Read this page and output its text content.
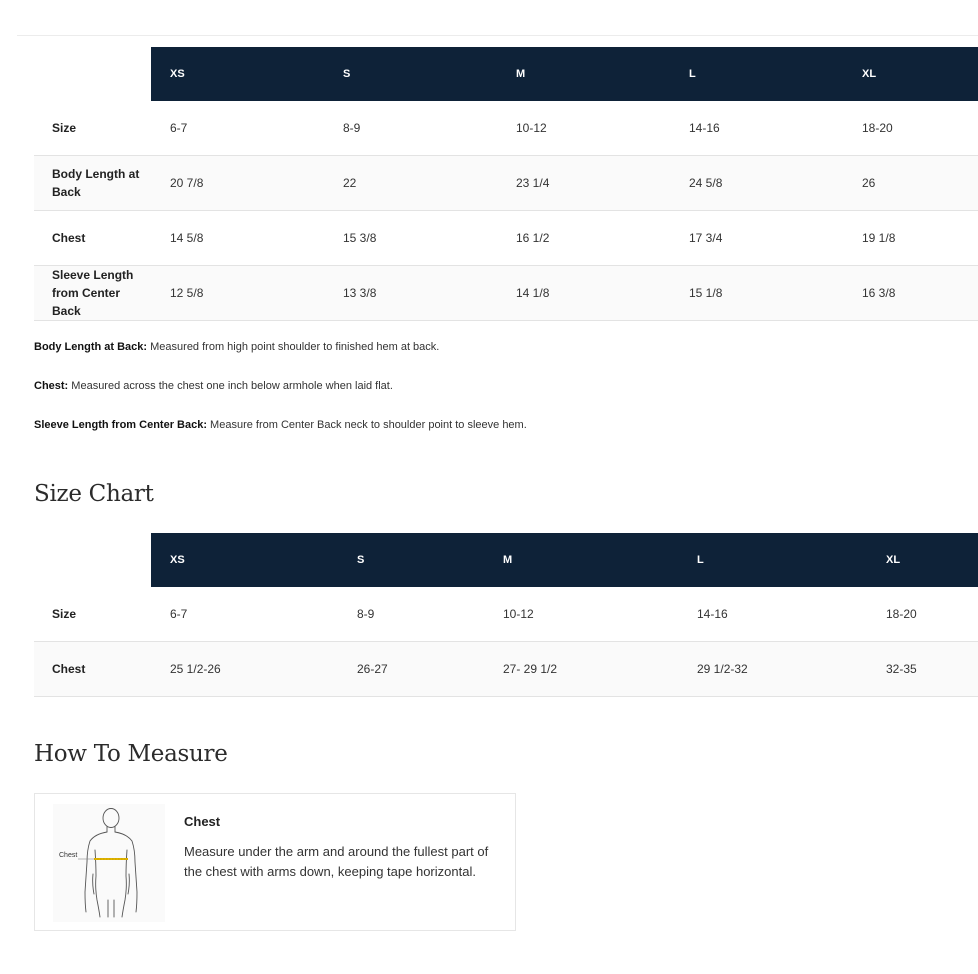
	XS	S	M	L	XL
Size	6-7	8-9	10-12	14-16	18-20
Body Length at Back	20 7/8	22	23 1/4	24 5/8	26
Chest	14 5/8	15 3/8	16 1/2	17 3/4	19 1/8
Sleeve Length from Center Back	12 5/8	13 3/8	14 1/8	15 1/8	16 3/8

Body Length at Back: Measured from high point shoulder to finished hem at back.

Chest: Measured across the chest one inch below armhole when laid flat.

Sleeve Length from Center Back: Measure from Center Back neck to shoulder point to sleeve hem.

Size Chart
	XS	S	M	L	XL
Size	6-7	8-9	10-12	14-16	18-20
Chest	25 1/2-26	26-27	27- 29 1/2	29 1/2-32	32-35
How To Measure
Chest
Chest
Measure under the arm and around the fullest part of the chest with arms down, keeping tape horizontal.
